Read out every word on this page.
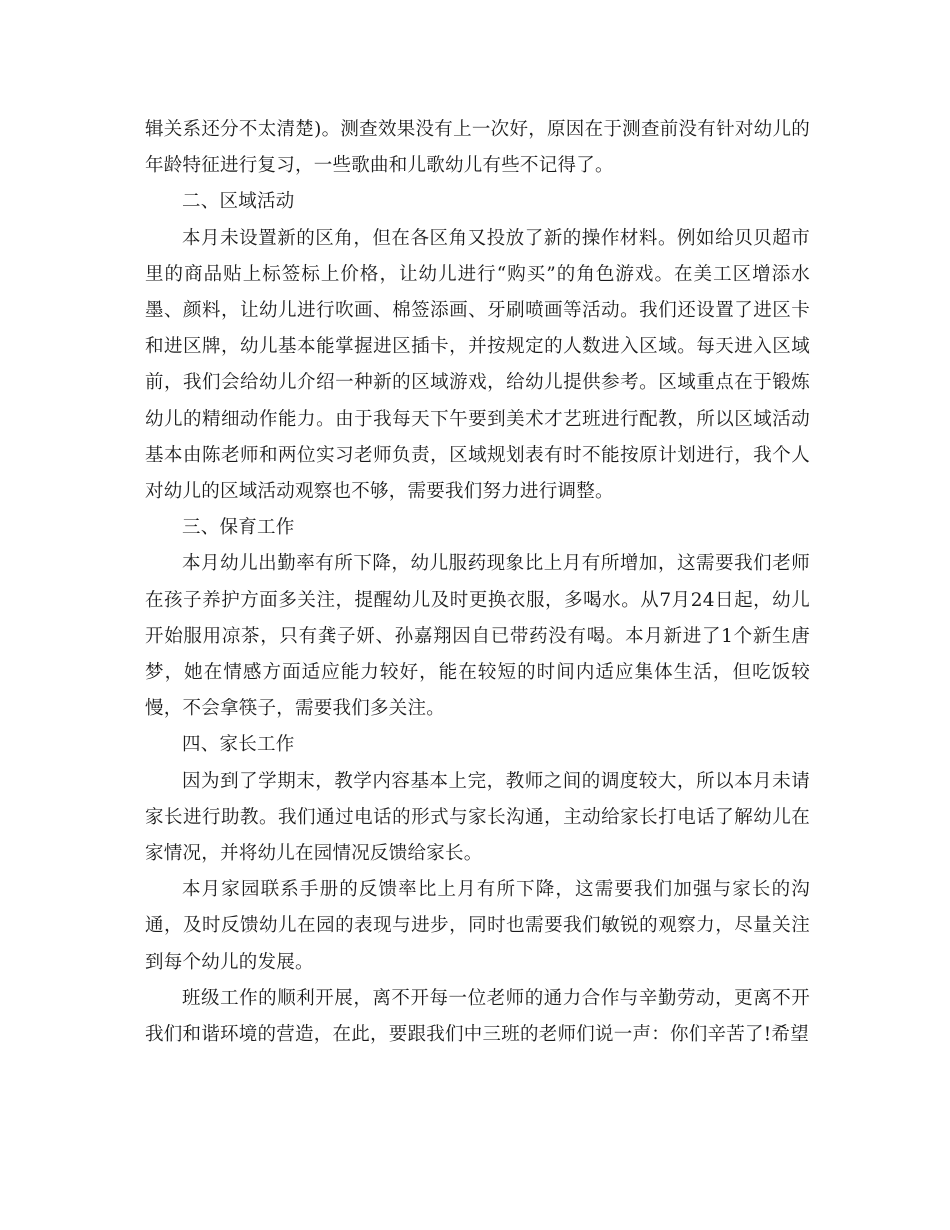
辑关系还分不太清楚)。测查效果没有上一次好，原因在于测查前没有针对幼儿的年龄特征进行复习，一些歌曲和儿歌幼儿有些不记得了。

二、区域活动

本月未设置新的区角，但在各区角又投放了新的操作材料。例如给贝贝超市里的商品贴上标签标上价格，让幼儿进行“购买”的角色游戏。在美工区增添水墨、颜料，让幼儿进行吹画、棉签添画、牙刷喷画等活动。我们还设置了进区卡和进区牌，幼儿基本能掌握进区插卡，并按规定的人数进入区域。每天进入区域前，我们会给幼儿介绍一种新的区域游戏，给幼儿提供参考。区域重点在于锻炼幼儿的精细动作能力。由于我每天下午要到美术才艺班进行配教，所以区域活动基本由陈老师和两位实习老师负责，区域规划表有时不能按原计划进行，我个人对幼儿的区域活动观察也不够，需要我们努力进行调整。

三、保育工作

本月幼儿出勤率有所下降，幼儿服药现象比上月有所增加，这需要我们老师在孩子养护方面多关注，提醒幼儿及时更换衣服，多喝水。从7月24日起，幼儿开始服用凉茶，只有龚子妍、孙嘉翔因自已带药没有喝。本月新进了1个新生唐梦，她在情感方面适应能力较好，能在较短的时间内适应集体生活，但吃饭较慢，不会拿筷子，需要我们多关注。

四、家长工作

因为到了学期末，教学内容基本上完，教师之间的调度较大，所以本月未请家长进行助教。我们通过电话的形式与家长沟通，主动给家长打电话了解幼儿在家情况，并将幼儿在园情况反馈给家长。

本月家园联系手册的反馈率比上月有所下降，这需要我们加强与家长的沟通，及时反馈幼儿在园的表现与进步，同时也需要我们敏锐的观察力，尽量关注到每个幼儿的发展。

班级工作的顺利开展，离不开每一位老师的通力合作与辛勤劳动，更离不开我们和谐环境的营造，在此，要跟我们中三班的老师们说一声：你们辛苦了!希望
